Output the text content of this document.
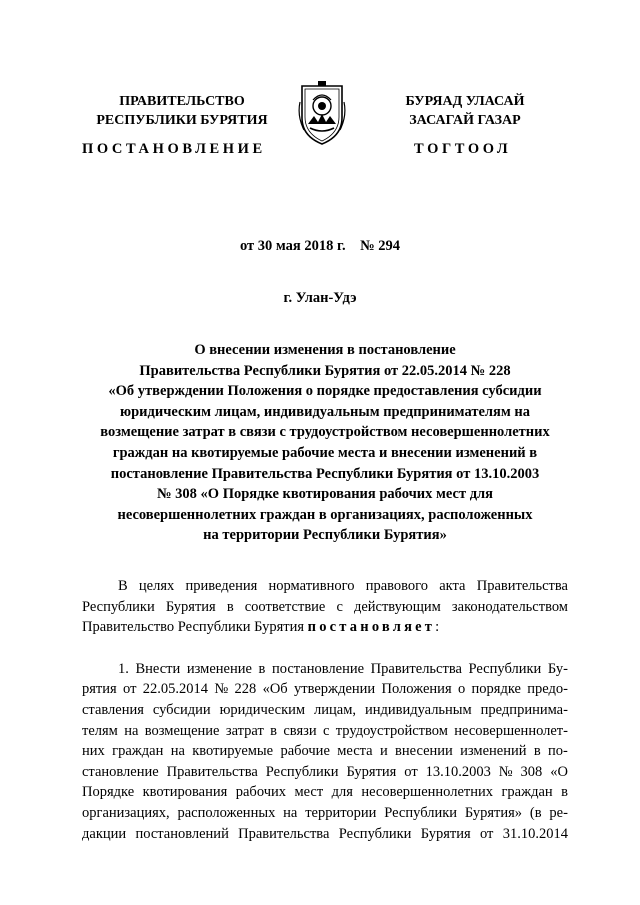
ПРАВИТЕЛЬСТВО
РЕСПУБЛИКИ БУРЯТИЯ
ПОСТАНОВЛЕНИЕ
БУРЯАД УЛАСАЙ
ЗАСАГАЙ ГАЗАР
ТОГТООЛ
от 30 мая 2018 г.    № 294
г. Улан-Удэ
О внесении изменения в постановление
Правительства Республики Бурятия от 22.05.2014 № 228
«Об утверждении Положения о порядке предоставления субсидии
юридическим лицам, индивидуальным предпринимателям на
возмещение затрат в связи с трудоустройством несовершеннолетних
граждан на квотируемые рабочие места и внесении изменений в
постановление Правительства Республики Бурятия от 13.10.2003
№ 308 «О Порядке квотирования рабочих мест для
несовершеннолетних граждан в организациях, расположенных
на территории Республики Бурятия»
В целях приведения нормативного правового акта Правительства
Республики Бурятия в соответствие с действующим законодательством
Правительство Республики Бурятия постановляет :
1. Внести изменение в постановление Правительства Республики Бу-
рятия от 22.05.2014 № 228 «Об утверждении Положения о порядке предо-
ставления субсидии юридическим лицам, индивидуальным предпринима-
телям на возмещение затрат в связи с трудоустройством несовершеннолет-
них граждан на квотируемые рабочие места и внесении изменений в по-
становление Правительства Республики Бурятия от 13.10.2003 № 308 «О
Порядке квотирования рабочих мест для несовершеннолетних граждан в
организациях, расположенных на территории Республики Бурятия» (в ре-
дакции постановлений Правительства Республики Бурятия от 31.10.2014
